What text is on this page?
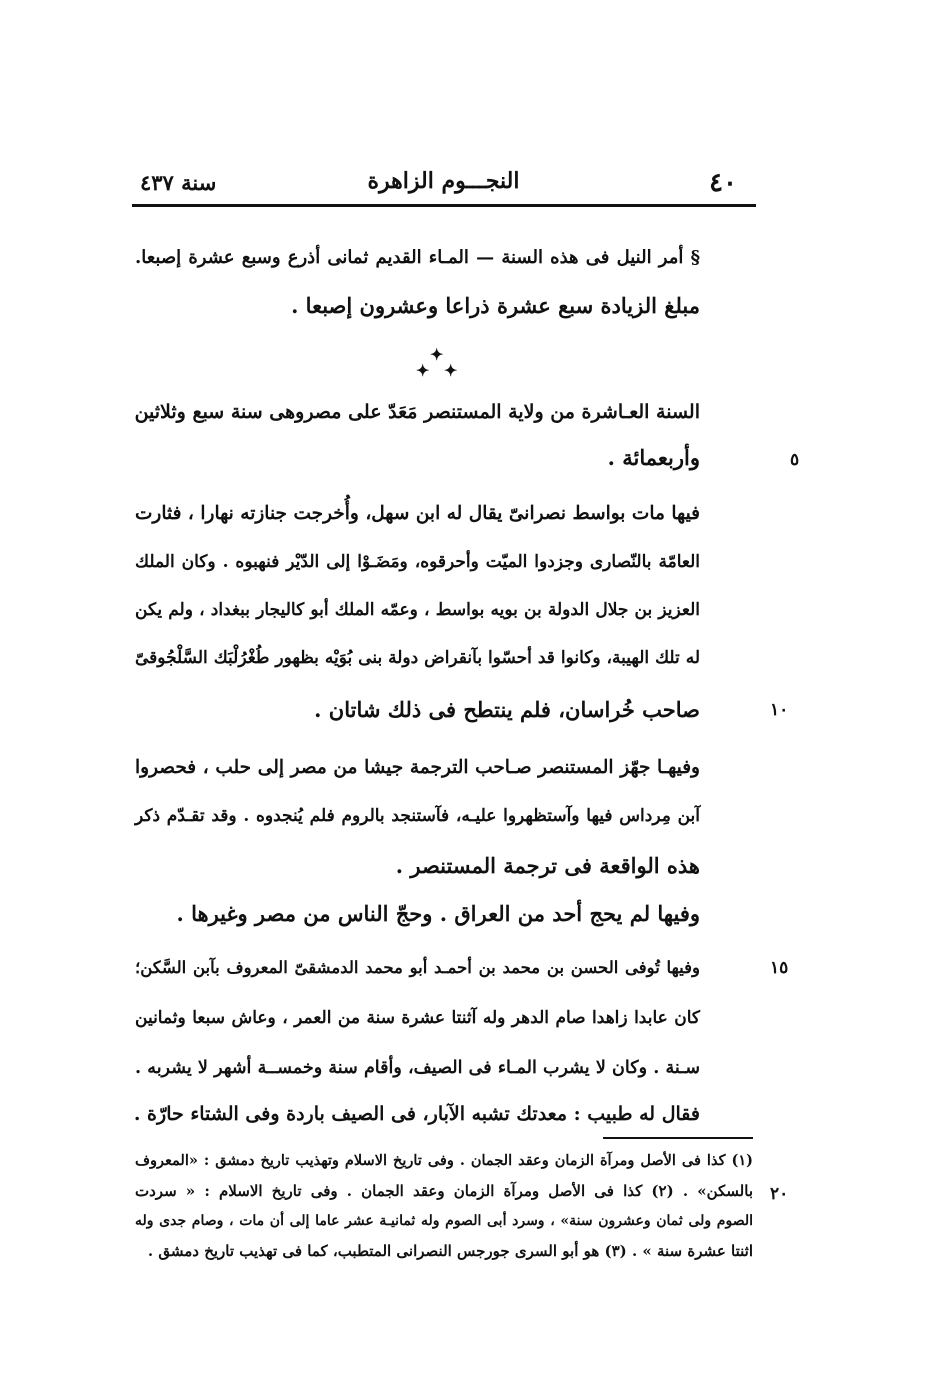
٤٠
النجـــوم الزاهرة
سنة ٤٣٧
§ أمر النيل فى هذه السنة — المـاء القديم ثمانى أذرع وسبع عشرة إصبعا.
مبلغ الزيادة سبع عشرة ذراعا وعشرون إصبعا .
✦
✦ ✦
السنة العـاشرة من ولاية المستنصر مَعَدّ على مصروهى سنة سبع وثلاثين
وأربعمائة .	٥
فيها مات بواسط نصرانىّ يقال له ابن سهل، وأُخرجت جنازته نهارا ، فثارت
العامّة بالنّصارى وجزدوا الميّت وأحرقوه، ومَضَـوْا إلى الدّيْر فنهبوه . وكان الملك
العزيز بن جلال الدولة بن بويه بواسط ، وعمّه الملك أبو كاليجار ببغداد ، ولم يكن
له تلك الهيبة، وكانوا قد أحسّوا بآنقراض دولة بنى بُوَيْه بظهور طُغْرُلْبَك السَّلْجُوقىّ
صاحب خُراسان، فلم ينتطح فى ذلك شاتان .	١٠
وفيهـا جهّز المستنصر صـاحب الترجمة جيشا من مصر إلى حلب ، فحصروا
آبن مِرداس فيها وآستظهروا عليـه، فآستنجد بالروم فلم يُنجدوه . وقد تقـدّم ذكر
هذه الواقعة فى ترجمة المستنصر .
وفيها لم يحج أحد من العراق . وحجّ الناس من مصر وغيرها .
وفيها تُوفى الحسن بن محمد بن أحمـد أبو محمد الدمشقىّ المعروف بآبن السَّكن؛	١٥
كان عابدا زاهدا صام الدهر وله آثنتا عشرة سنة من العمر ، وعاش سبعا وثمانين
سـنة . وكان لا يشرب المـاء فى الصيف، وأقام سنة وخمســة أشهر لا يشربه .
فقال له طبيب : معدتك تشبه الآبار، فى الصيف باردة وفى الشتاء حارّة .
(١) كذا فى الأصل ومرآة الزمان وعقد الجمان . وفى تاريخ الاسلام وتهذيب تاريخ دمشق : «المعروف
بالسكن» . (٢) كذا فى الأصل ومرآة الزمان وعقد الجمان . وفى تاريخ الاسلام : « سردت ٢٠
الصوم ولى ثمان وعشرون سنة» ، وسرد أبى الصوم وله ثمانيـة عشر عاما إلى أن مات ، وصام جدى وله
اثنتا عشرة سنة » . (٣) هو أبو السرى جورجس النصرانى المتطبب، كما فى تهذيب تاريخ دمشق .
